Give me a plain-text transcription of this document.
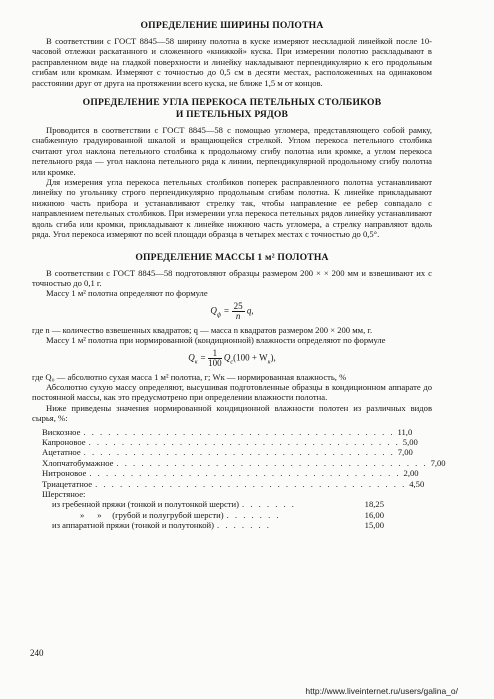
ОПРЕДЕЛЕНИЕ ШИРИНЫ ПОЛОТНА

В соответствии с ГОСТ 8845—58 ширину полотна в куске измеряют нескладной линейкой после 10-часовой отлежки раскатанного и сложенного «книжкой» куска. При измерении полотно раскладывают в расправленном виде на гладкой поверхности и линейку накладывают перпендикулярно к его продольным сгибам или кромкам. Измеряют с точностью до 0,5 см в десяти местах, расположенных на одинаковом расстоянии друг от друга на протяжении всего куска, не ближе 1,5 м от концов.

ОПРЕДЕЛЕНИЕ УГЛА ПЕРЕКОСА ПЕТЕЛЬНЫХ СТОЛБИКОВ
И ПЕТЕЛЬНЫХ РЯДОВ

Проводится в соответствии с ГОСТ 8845—58 с помощью угломера, представляющего собой рамку, снабженную градуированной шкалой и вращающейся стрелкой. Углом перекоса петельного столбика считают угол наклона петельного столбика к продольному сгибу полотна или кромке, а углом перекоса петельного ряда — угол наклона петельного ряда к линии, перпендикулярной продольному сгибу полотна или кромке.

Для измерения угла перекоса петельных столбиков поперек расправленного полотна устанавливают линейку по угольнику строго перпендикулярно продольным сгибам полотна. К линейке прикладывают нижнюю часть прибора и устанавливают стрелку так, чтобы направление ее ребер совпадало с направлением петельных столбиков. При измерении угла перекоса петельных рядов линейку устанавливают вдоль сгиба или кромки, прикладывают к линейке нижнюю часть угломера, а стрелку направляют вдоль ряда. Угол перекоса измеряют по всей площади образца в четырех местах с точностью до 0,5°.

ОПРЕДЕЛЕНИЕ МАССЫ 1 м² ПОЛОТНА

В соответствии с ГОСТ 8845—58 подготовляют образцы размером 200 × × 200 мм и взвешивают их с точностью до 0,1 г.

Массу 1 м² полотна определяют по формуле

$Q_ф = \frac{25}{n} q$,

где n — количество взвешенных квадратов; q — масса n квадратов размером 200 × 200 мм, г.

Массу 1 м² полотна при нормированной (кондиционной) влажности определяют по формуле

$Q_к = \frac{1}{100} Q_с(100 + W_к)$,

где Q₀ — абсолютно сухая масса 1 м² полотна, г; Wк — нормированная влажность, %

Абсолютно сухую массу определяют, высушивая подготовленные образцы в кондиционном аппарате до постоянной массы, как это предусмотрено при определении влажности полотна.

Ниже приведены значения нормированной кондиционной влажности полотен из различных видов сырья, %:

Вискозное . . . . . . . . . . . . . . . . . . . . . . . . . . . . . . . . . . . . . . 11,0
Капроновое . . . . . . . . . . . . . . . . . . . . . . . . . . . . . . . . . . . . . . 5,00
Ацетатное . . . . . . . . . . . . . . . . . . . . . . . . . . . . . . . . . . . . . . 7,00
Хлопчатобумажное . . . . . . . . . . . . . . . . . . . . . . . . . . . . . . . . . . . . . . 7,00
Нитроновое . . . . . . . . . . . . . . . . . . . . . . . . . . . . . . . . . . . . . . 2,00
Триацетатное . . . . . . . . . . . . . . . . . . . . . . . . . . . . . . . . . . . . . . 4,50
Шерстяное:
из гребенной пряжи (тонкой и полутонкой шерсти) . . . . . . .	18,25
»      »     (грубой и полугрубой шерсти) . . . . . . .	16,00
из аппаратной пряжи (тонкой и полутонкой) . . . . . . .	15,00
240
http://www.liveinternet.ru/users/galina_o/
